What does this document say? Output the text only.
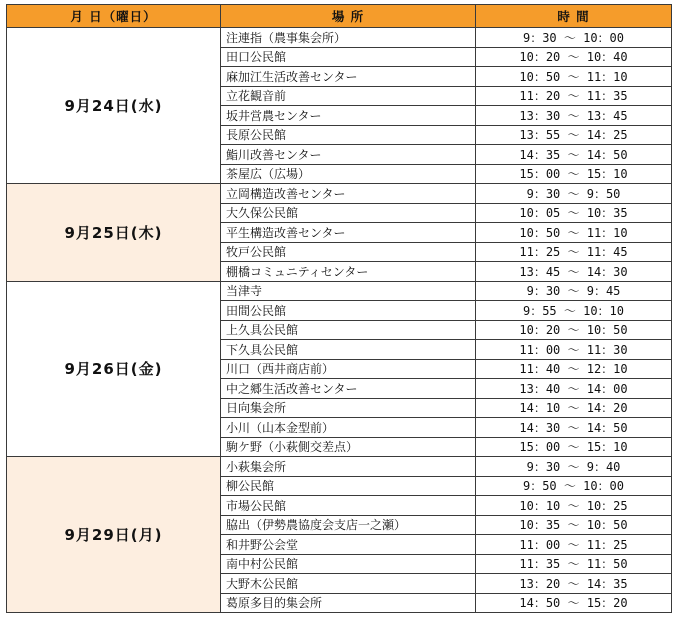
月 日（曜日）	場 所	時 間
9月24日(水)	注連指（農事集会所）	9：30 ～ 10：00
	田口公民館	10：20 ～ 10：40
	麻加江生活改善センター	10：50 ～ 11：10
	立花観音前	11：20 ～ 11：35
	坂井営農センター	13：30 ～ 13：45
	長原公民館	13：55 ～ 14：25
	鮨川改善センター	14：35 ～ 14：50
	茶屋広（広場）	15：00 ～ 15：10
9月25日(木)	立岡構造改善センター	9：30 ～ 9：50
	大久保公民館	10：05 ～ 10：35
	平生構造改善センター	10：50 ～ 11：10
	牧戸公民館	11：25 ～ 11：45
	棚橋コミュニティセンター	13：45 ～ 14：30
9月26日(金)	当津寺	9：30 ～ 9：45
	田間公民館	9：55 ～ 10：10
	上久具公民館	10：20 ～ 10：50
	下久具公民館	11：00 ～ 11：30
	川口（西井商店前）	11：40 ～ 12：10
	中之郷生活改善センター	13：40 ～ 14：00
	日向集会所	14：10 ～ 14：20
	小川（山本金型前）	14：30 ～ 14：50
	駒ケ野（小萩側交差点）	15：00 ～ 15：10
9月29日(月)	小萩集会所	9：30 ～ 9：40
	柳公民館	9：50 ～ 10：00
	市場公民館	10：10 ～ 10：25
	脇出（伊勢農協度会支店一之瀬）	10：35 ～ 10：50
	和井野公会堂	11：00 ～ 11：25
	南中村公民館	11：35 ～ 11：50
	大野木公民館	13：20 ～ 14：35
	葛原多目的集会所	14：50 ～ 15：20
